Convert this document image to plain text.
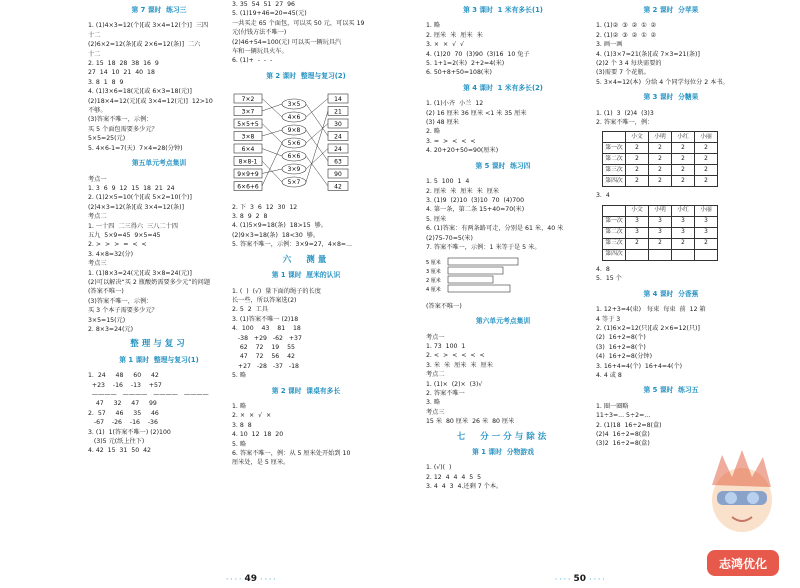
第 7 课时  练习三

1. (1)4×3=12(个)[或 3×4=12(个)]  三四

十二

(2)6×2=12(条)[或 2×6=12(条)]  二六

十二

2. 15  18  28  38  16  9

27  14  10  21  40  18

3. 8  1  8  9

4. (1)3×6=18(元)[或 6×3=18(元)]

(2)18×4=12(元)[或 3×4=12(元)]  12>10

不够。

(3)答案不唯一，示例：

买 5 个面包需要多少元？

5×5=25(元)

5. 4×6-1=7(天)  7×4=28(分钟)

第五单元考点集训

考点一

1. 3  6  9  12  15  18  21  24

2. (1)2×5=10(个)[或 5×2=10(个)]

(2)4×3=12(条)[或 3×4=12(条)]

考点二

1. 一十四  二三得六  三八二十四

五九  5×9=45  9×5=45

2. >  >  >  =  <  <

3. 4×8=32(分)

考点三

1. (1)8×3=24(元)[或 3×8=24(元)]

(2)可以解决“买 2 瓶酸奶需要多少元”的问题

(答案不唯一)

(3)答案不唯一，示例：

买 3 个本子需要多少元？

3×5=15(元)

2. 8×3=24(元)

整理与复习

第 1 课时  整理与复习(1)

1.  24     48     60     42

+23    -16    -13    +57

————   ————   ————   ————

47     32     47     99

2.  57     46     35     46

-67    -26    -16    -36

3. (1)  1(答案不唯一) (2)100

(3)5 元(纸上往下)

4. 42  15  31  50  42

3. 35  54  51  27  96

5. (1)19+46=20=45(元)

一共买走 65 个面包，可以买 50 元，可以买 19

元(付钱方法不唯一)

(2)46+54=100(元) 可以买一辆玩具汽

车和一辆玩具火车。

6. (1)+  -  -  -

第 2 课时  整理与复习(2)

7×2
3×7
5×5+5
3×8
6×4
8×8-1
9×9+9
6×6+6
3×5
4×6
9×8
5×6
6×6
3×9
5×7
14
21
30
24
24
63
90
42

2. 下  3  6  12  30  12

3. 8  9  2  8

4. (1)5×9=18(条)  18>15  够。

(2)9×3=18(条)  18<30  够。

5. 答案不唯一，示例：3×9=27，4×8=...

六  测量

第 1 课时  厘米的认识

1. (  )  (√)  量下面的绳子的长度

长一些，所以答案选(2)

2. 5  2  工具

3. (1)答案不唯一 (2)18

4.  100    43    81    18

-38   +29   -62   +37

62    72    19    55

47    72    56    42

+27   -28   -37   -18

5. 略

第 2 课时  课桌有多长

1. 略

2. ×  ×  √  ×

3. 8  8

4. 10  12  18  20

5. 略

6. 答案不唯一，例：从 5 厘米处开始到 10

厘米处，是 5 厘米。

第 3 课时  1 米有多长(1)

1. 略

2. 厘米  米  厘米  米

3. ×  ×  √  √

4. (1)20  70  (3)90  (3)16  10 兔子

5. 1+1=2(米)  2+2=4(米)

6. 50+8+50=108(米)

第 4 课时  1 米有多长(2)

1. (1)小齐  小兰  12

(2) 16 厘米 36 厘米 <1 米 35 厘米

(3) 48 厘米

2. 略

3. =  >  <  <  <

4. 20+20+50=90(厘米)

第 5 课时  练习四

1. 5  100  1  4

2. 厘米  米  厘米  米  厘米

3. (1)9  (2)10  (3)10  70  (4)700

4. 第一条，第二条 15+40=70(米)

5. 厘米

6. (1)答案：有两条路可走，分别是 61 米，40 米

(2)75-70=5(米)

7. 答案不唯一，示例：1 米等于是 5 米。

5 厘米
3 厘米
2 厘米
4 厘米

(答案不唯一)

第六单元考点集训

考点一

1. 73  100  1

2. <  >  <  <  <  <

3. 米  米  厘米  米  厘米

考点二

1. (1)×  (2)×  (3)√

2. 答案不唯一

3. 略

考点三

15 米  80 厘米  26 米  80 厘米

七  分一分与除法

第 1 课时  分物游戏

1. (√)(  )

2. 12  4  4  4  5  5

3. 4  4  3  4.还剩 7 个本。

第 2 课时  分苹果

1. (1)②  ③  ②  ①  ②

2. (1)②  ③  ②  ①  ②

3. 画一画

4. (1)3×7=21(条)[或 7×3=21(条)]

(2)2 个 3 4 每块需要的

(3)需要 7 个花瓶。

5. 3×4=12(本)  分给 4 个同学每位分 2 本书。

第 3 课时  分糖果

1. (1)  3  (2)4  (3)3

2. 答案不唯一，例：

	小文	小明	小红	小丽
第一次	2	2	2	2
第二次	2	2	2	2
第三次	2	2	2	2
第四次	2	2	2	2

3.  4

	小文	小明	小红	小丽
第一次	3	3	3	3
第二次	3	3	3	3
第三次	2	2	2	2
第四次				

4.  8

5.  15 个

第 4 课时  分香蕉

1. 12+3=4(束)   每束  每束  前  12 箱

4 等于 3

2. (1)6×2=12(只)[或 2×6=12(只)]

(2)  16+2=8(个)

(3)  16+2=8(个)

(4)  16+2=8(分钟)

3. 16+4=4(个)  16+4=4(个)

4. 4 或 8

第 5 课时  练习五

1. 圈一圈略

11÷3=... 5÷2=...

2. (1)18  16÷2=8(盒)

(2)4  16÷2=8(盒)

(3)2  16÷2=8(盒)

· · · · 49 · · · ·	· · · · 50 · · · ·
志鸿优化
